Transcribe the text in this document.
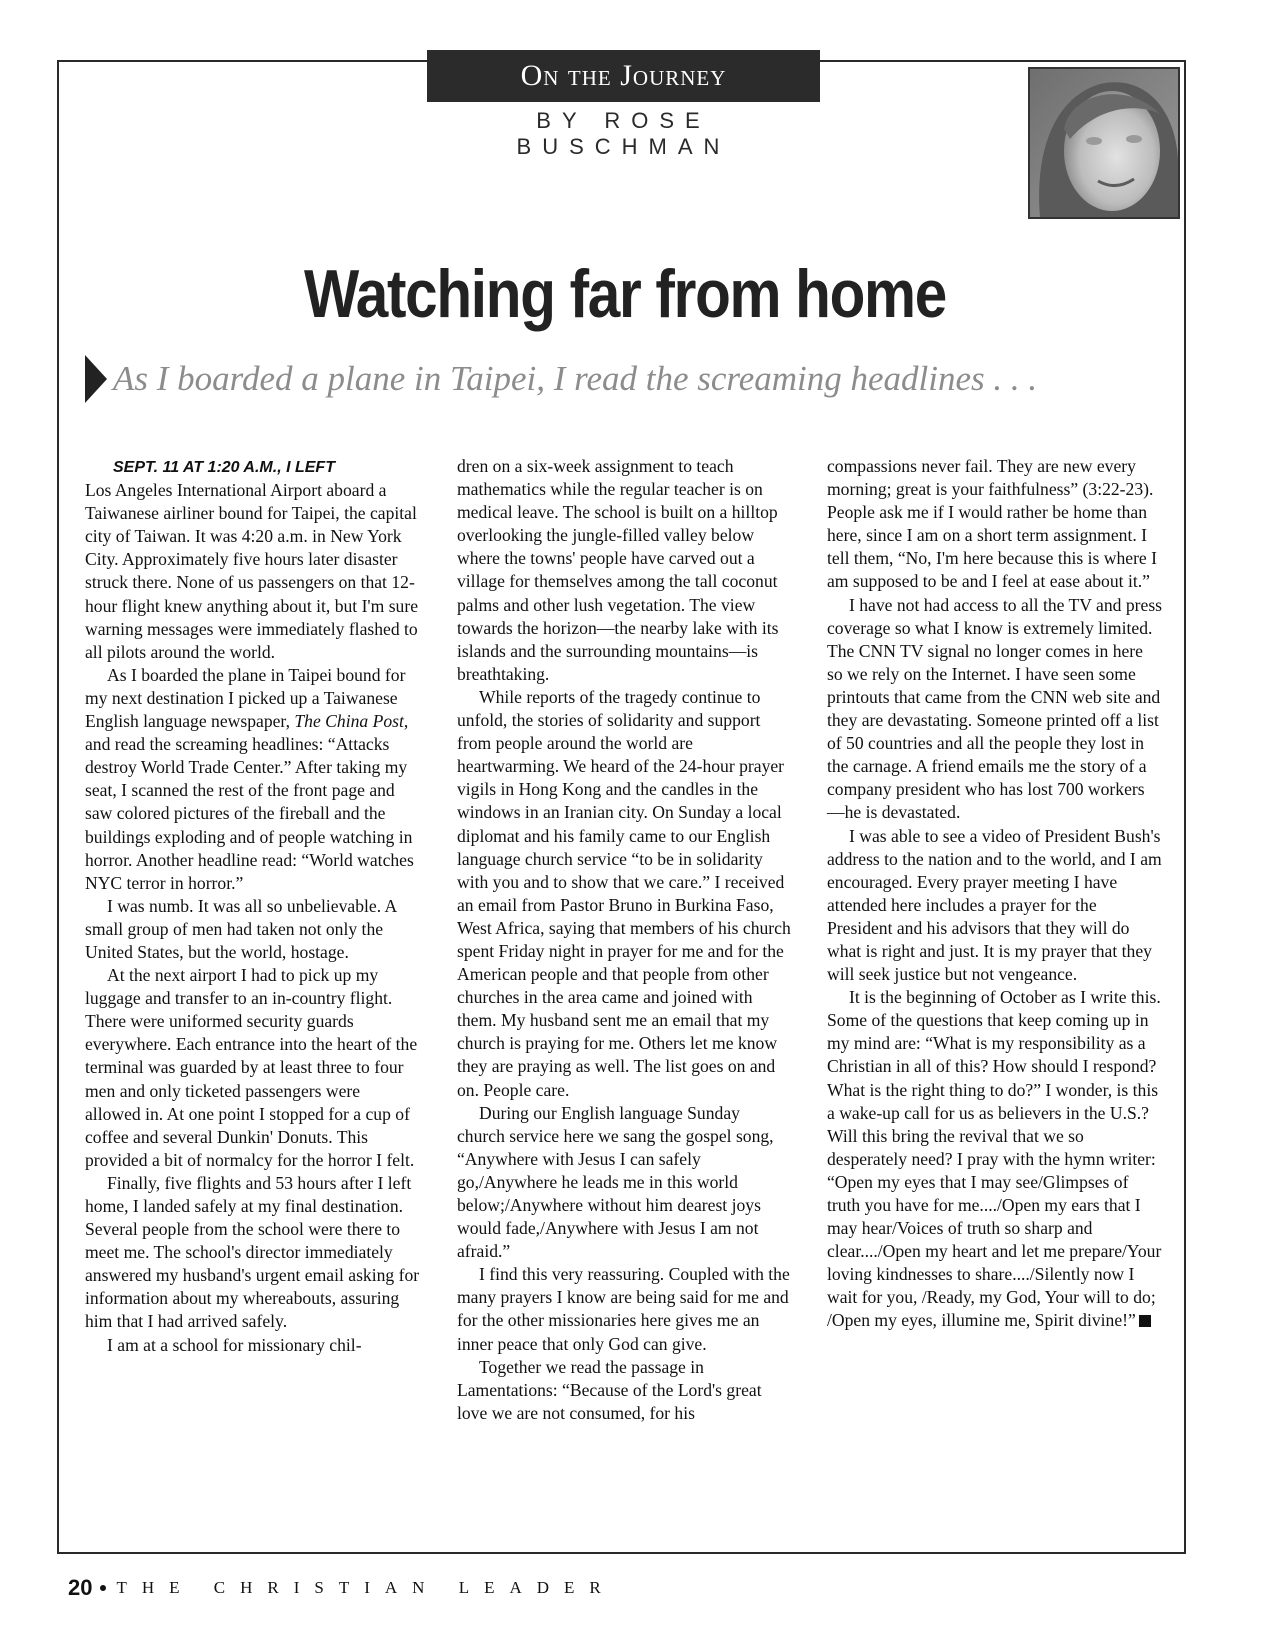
On the Journey
BY ROSE BUSCHMAN
Watching far from home
As I boarded a plane in Taipei, I read the screaming headlines . . .

SEPT. 11 AT 1:20 A.M., I LEFT

Los Angeles International Airport aboard a Taiwanese airliner bound for Taipei, the capital city of Taiwan. It was 4:20 a.m. in New York City. Approximately five hours later disaster struck there. None of us passengers on that 12-hour flight knew anything about it, but I'm sure warning messages were immediately flashed to all pilots around the world.

As I boarded the plane in Taipei bound for my next destination I picked up a Taiwanese English language newspaper, The China Post, and read the screaming headlines: “Attacks destroy World Trade Center.” After taking my seat, I scanned the rest of the front page and saw colored pictures of the fireball and the buildings exploding and of people watching in horror. Another headline read: “World watches NYC terror in horror.”

I was numb. It was all so unbelievable. A small group of men had taken not only the United States, but the world, hostage.

At the next airport I had to pick up my luggage and transfer to an in-country flight. There were uniformed security guards everywhere. Each entrance into the heart of the terminal was guarded by at least three to four men and only ticketed passengers were allowed in. At one point I stopped for a cup of coffee and several Dunkin' Donuts. This provided a bit of normalcy for the horror I felt.

Finally, five flights and 53 hours after I left home, I landed safely at my final destination. Several people from the school were there to meet me. The school's director immediately answered my husband's urgent email asking for information about my whereabouts, assuring him that I had arrived safely.

I am at a school for missionary chil-

dren on a six-week assignment to teach mathematics while the regular teacher is on medical leave. The school is built on a hilltop overlooking the jungle-filled valley below where the towns' people have carved out a village for themselves among the tall coconut palms and other lush vegetation. The view towards the horizon—the nearby lake with its islands and the surrounding mountains—is breathtaking.

While reports of the tragedy continue to unfold, the stories of solidarity and support from people around the world are heartwarming. We heard of the 24-hour prayer vigils in Hong Kong and the candles in the windows in an Iranian city. On Sunday a local diplomat and his family came to our English language church service “to be in solidarity with you and to show that we care.” I received an email from Pastor Bruno in Burkina Faso, West Africa, saying that members of his church spent Friday night in prayer for me and for the American people and that people from other churches in the area came and joined with them. My husband sent me an email that my church is praying for me. Others let me know they are praying as well. The list goes on and on. People care.

During our English language Sunday church service here we sang the gospel song, “Anywhere with Jesus I can safely go,/Anywhere he leads me in this world below;/Anywhere without him dearest joys would fade,/Anywhere with Jesus I am not afraid.”

I find this very reassuring. Coupled with the many prayers I know are being said for me and for the other missionaries here gives me an inner peace that only God can give.

Together we read the passage in Lamentations: “Because of the Lord's great love we are not consumed, for his

compassions never fail. They are new every morning; great is your faithfulness” (3:22-23). People ask me if I would rather be home than here, since I am on a short term assignment. I tell them, “No, I'm here because this is where I am supposed to be and I feel at ease about it.”

I have not had access to all the TV and press coverage so what I know is extremely limited. The CNN TV signal no longer comes in here so we rely on the Internet. I have seen some printouts that came from the CNN web site and they are devastating. Someone printed off a list of 50 countries and all the people they lost in the carnage. A friend emails me the story of a company president who has lost 700 workers—he is devastated.

I was able to see a video of President Bush's address to the nation and to the world, and I am encouraged. Every prayer meeting I have attended here includes a prayer for the President and his advisors that they will do what is right and just. It is my prayer that they will seek justice but not vengeance.

It is the beginning of October as I write this. Some of the questions that keep coming up in my mind are: “What is my responsibility as a Christian in all of this? How should I respond? What is the right thing to do?” I wonder, is this a wake-up call for us as believers in the U.S.? Will this bring the revival that we so desperately need? I pray with the hymn writer: “Open my eyes that I may see/Glimpses of truth you have for me..../Open my ears that I may hear/Voices of truth so sharp and clear..../Open my heart and let me prepare/Your loving kindnesses to share..../Silently now I wait for you, /Ready, my God, Your will to do; /Open my eyes, illumine me, Spirit divine!”

20 THE CHRISTIAN LEADER
